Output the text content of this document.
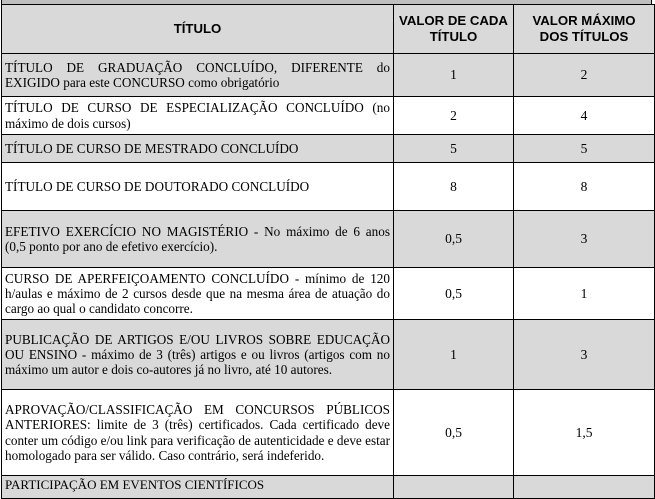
TÍTULO	VALOR DE CADA TÍTULO	VALOR MÁXIMO DOS TÍTULOS
TÍTULO DE GRADUAÇÃO CONCLUÍDO, DIFERENTE do EXIGIDO para este CONCURSO como obrigatório	1	2
TÍTULO DE CURSO DE ESPECIALIZAÇÃO CONCLUÍDO (no máximo de dois cursos)	2	4
TÍTULO DE CURSO DE MESTRADO CONCLUÍDO	5	5
TÍTULO DE CURSO DE DOUTORADO CONCLUÍDO	8	8
EFETIVO EXERCÍCIO NO MAGISTÉRIO - No máximo de 6 anos (0,5 ponto por ano de efetivo exercício).	0,5	3
CURSO DE APERFEIÇOAMENTO CONCLUÍDO - mínimo de 120 h/aulas e máximo de 2 cursos desde que na mesma área de atuação do cargo ao qual o candidato concorre.	0,5	1
PUBLICAÇÃO DE ARTIGOS E/OU LIVROS SOBRE EDUCAÇÃO OU ENSINO - máximo de 3 (três) artigos e ou livros (artigos com no máximo um autor e dois co-autores já no livro, até 10 autores.	1	3
APROVAÇÃO/CLASSIFICAÇÃO EM CONCURSOS PÚBLICOS ANTERIORES: limite de 3 (três) certificados. Cada certificado deve conter um código e/ou link para verificação de autenticidade e deve estar homologado para ser válido. Caso contrário, será indeferido.	0,5	1,5
PARTICIPAÇÃO EM EVENTOS CIENTÍFICOS		
